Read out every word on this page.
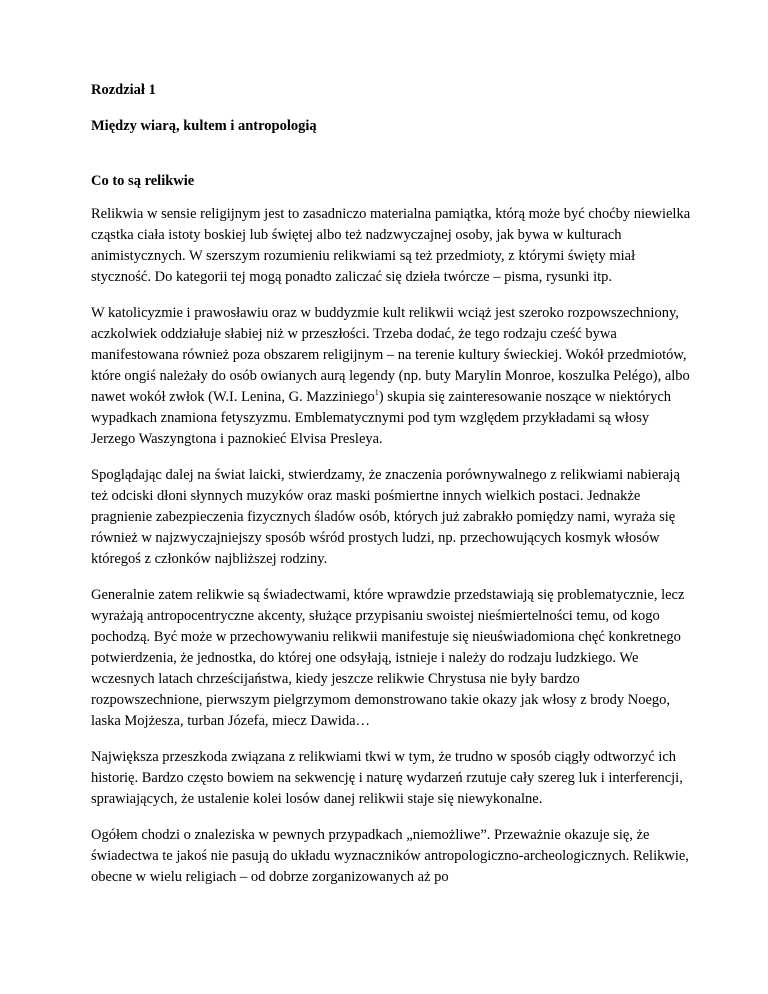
Rozdział 1
Między wiarą, kultem i antropologią
Co to są relikwie

Relikwia w sensie religijnym jest to zasadniczo materialna pamiątka, którą może być choćby niewielka cząstka ciała istoty boskiej lub świętej albo też nadzwyczajnej osoby, jak bywa w kulturach animistycznych. W szerszym rozumieniu relikwiami są też przedmioty, z którymi święty miał styczność. Do kategorii tej mogą ponadto zaliczać się dzieła twórcze – pisma, rysunki itp.

W katolicyzmie i prawosławiu oraz w buddyzmie kult relikwii wciąż jest szeroko rozpowszechniony, aczkolwiek oddziałuje słabiej niż w przeszłości. Trzeba dodać, że tego rodzaju cześć bywa manifestowana również poza obszarem religijnym – na terenie kultury świeckiej. Wokół przedmiotów, które ongiś należały do osób owianych aurą legendy (np. buty Marylin Monroe, koszulka Pelégo), albo nawet wokół zwłok (W.I. Lenina, G. Mazziniego$^1$) skupia się zainteresowanie noszące w niektórych wypadkach znamiona fetyszyzmu. Emblematycznymi pod tym względem przykładami są włosy Jerzego Waszyngtona i paznokieć Elvisa Presleya.

Spoglądając dalej na świat laicki, stwierdzamy, że znaczenia porównywalnego z relikwiami nabierają też odciski dłoni słynnych muzyków oraz maski pośmiertne innych wielkich postaci. Jednakże pragnienie zabezpieczenia fizycznych śladów osób, których już zabrakło pomiędzy nami, wyraża się również w najzwyczajniejszy sposób wśród prostych ludzi, np. przechowujących kosmyk włosów któregoś z członków najbliższej rodziny.

Generalnie zatem relikwie są świadectwami, które wprawdzie przedstawiają się problematycznie, lecz wyrażają antropocentryczne akcenty, służące przypisaniu swoistej nieśmiertelności temu, od kogo pochodzą. Być może w przechowywaniu relikwii manifestuje się nieuświadomiona chęć konkretnego potwierdzenia, że jednostka, do której one odsyłają, istnieje i należy do rodzaju ludzkiego. We wczesnych latach chrześcijaństwa, kiedy jeszcze relikwie Chrystusa nie były bardzo rozpowszechnione, pierwszym pielgrzymom demonstrowano takie okazy jak włosy z brody Noego, laska Mojżesza, turban Józefa, miecz Dawida…

Największa przeszkoda związana z relikwiami tkwi w tym, że trudno w sposób ciągły odtworzyć ich historię. Bardzo często bowiem na sekwencję i naturę wydarzeń rzutuje cały szereg luk i interferencji, sprawiających, że ustalenie kolei losów danej relikwii staje się niewykonalne.

Ogółem chodzi o znaleziska w pewnych przypadkach „niemożliwe”. Przeważnie okazuje się, że świadectwa te jakoś nie pasują do układu wyznaczników antropologiczno-archeologicznych. Relikwie, obecne w wielu religiach – od dobrze zorganizowanych aż po
